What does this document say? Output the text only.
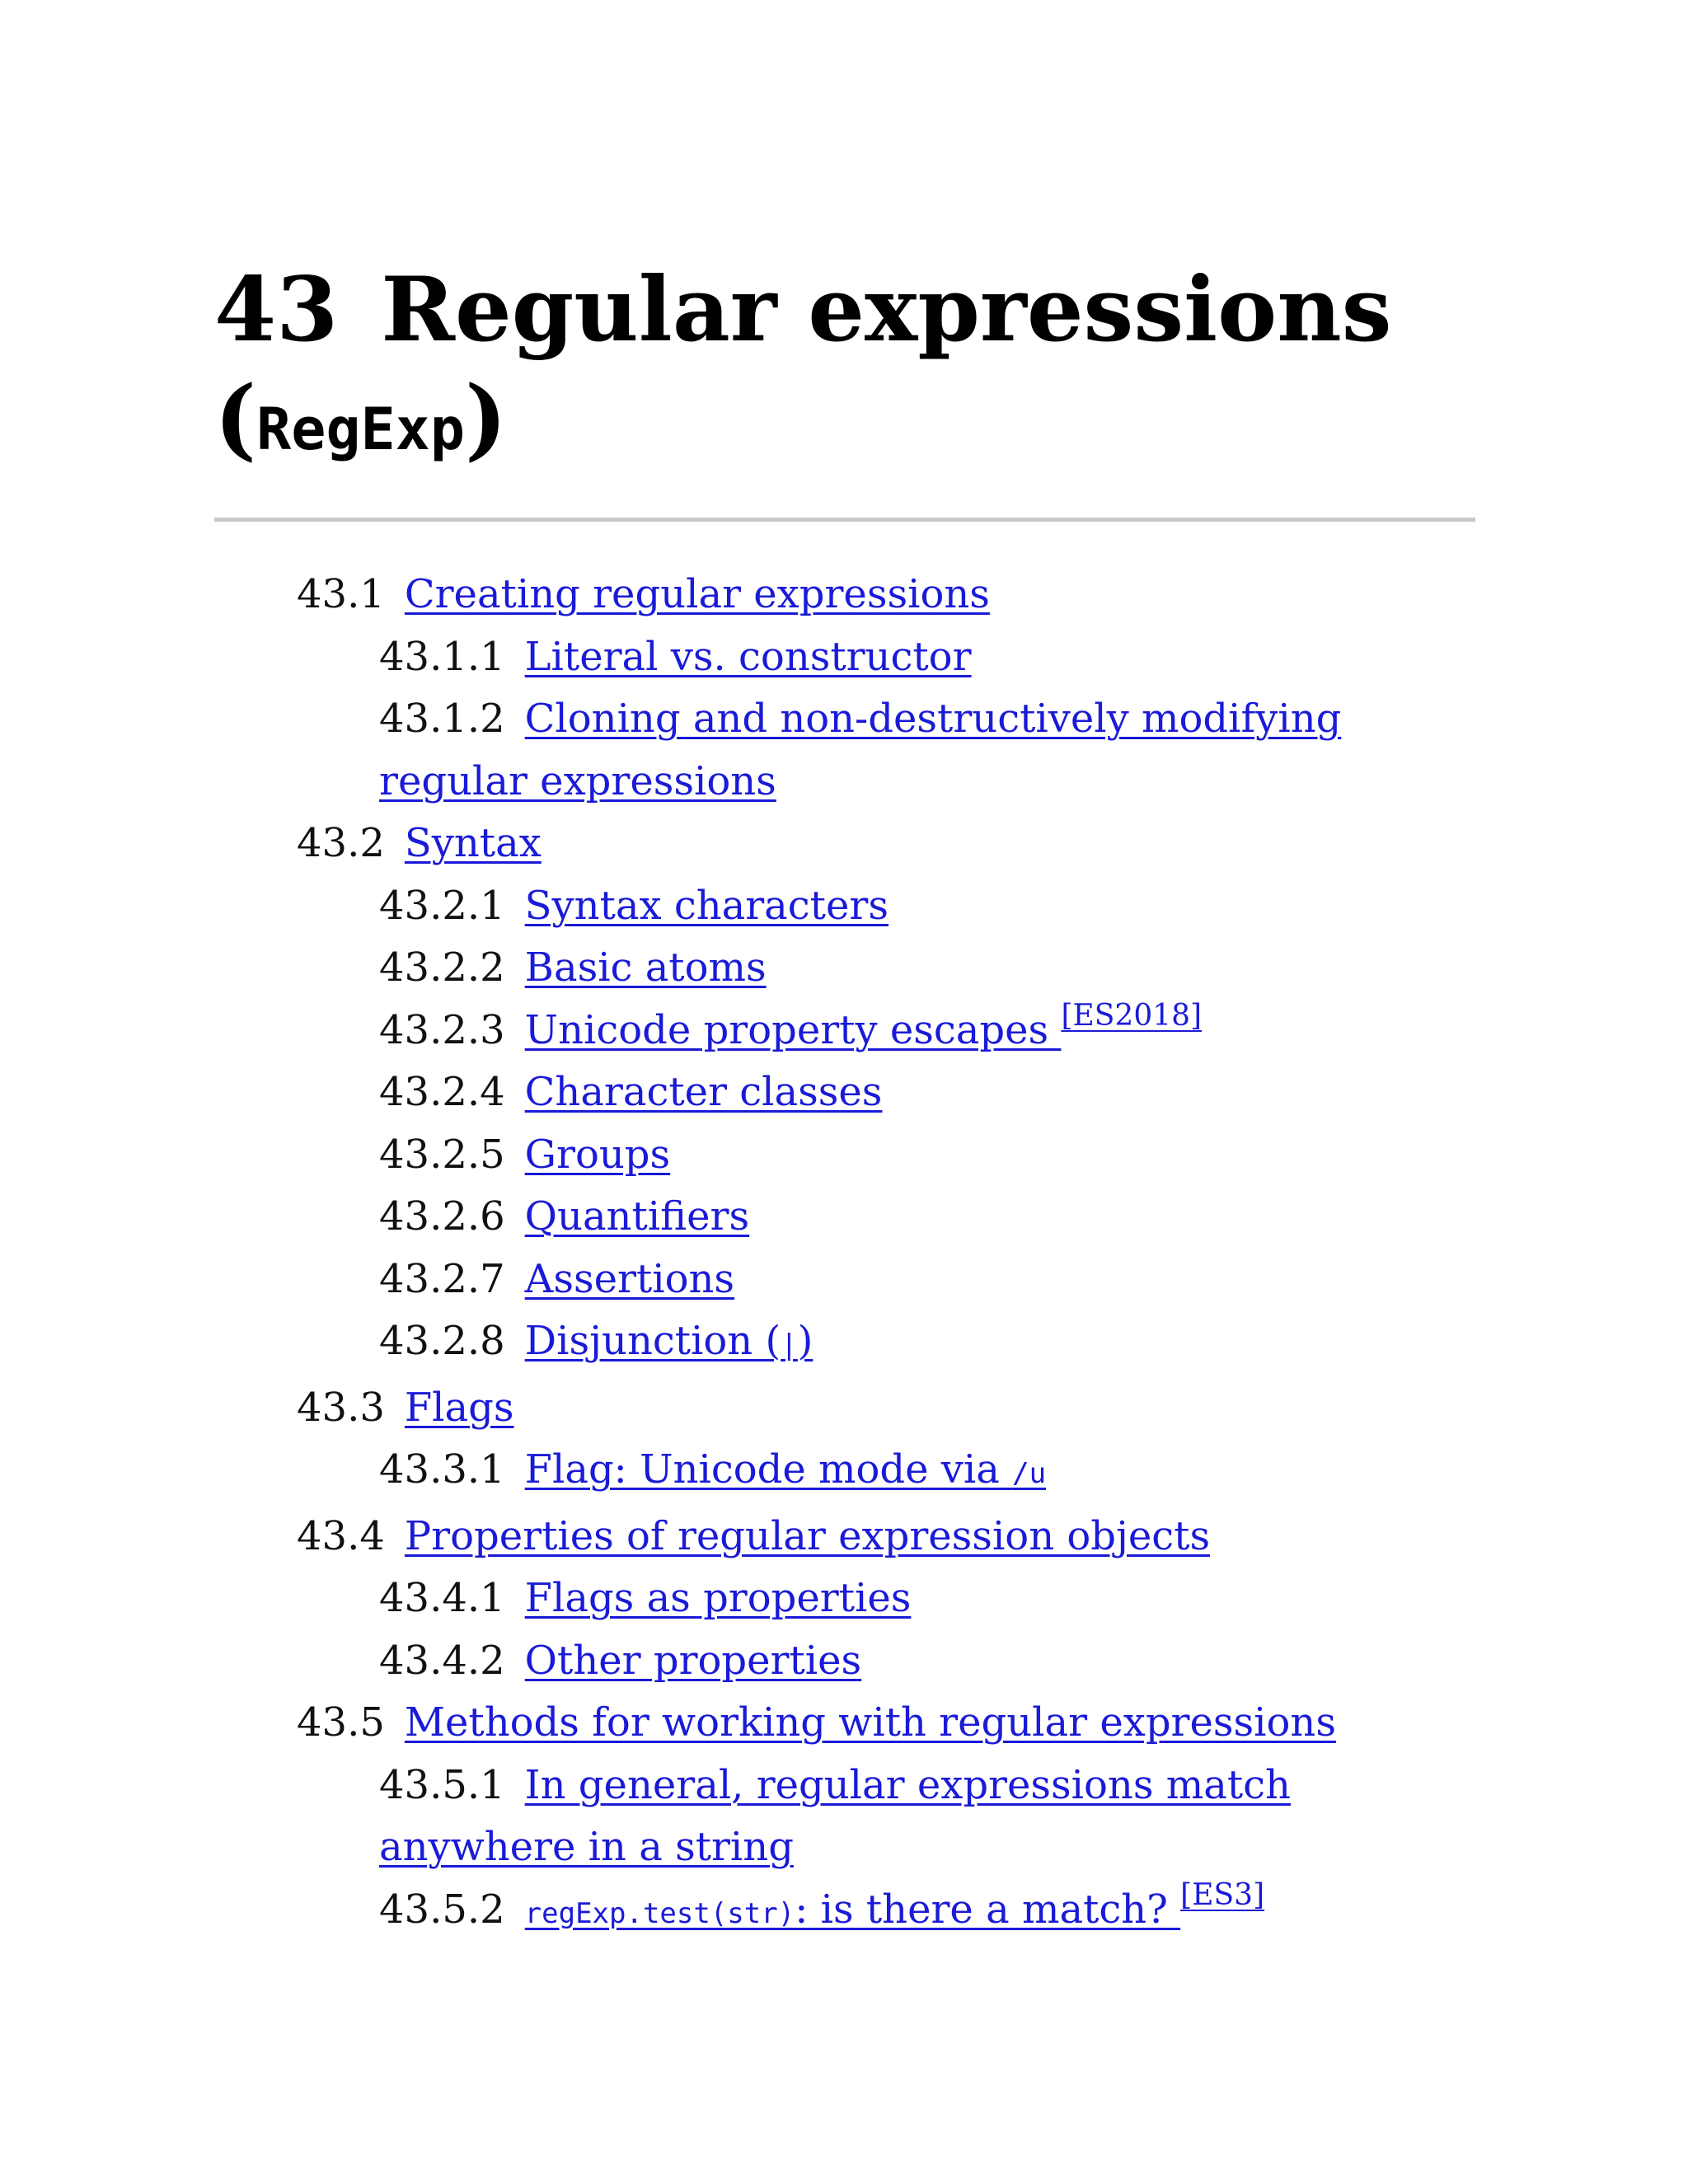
43 Regular expressions
(RegExp)
43.1 Creating regular expressions
43.1.1 Literal vs. constructor
43.1.2 Cloning and non-destructively modifying regular expressions
43.2 Syntax
43.2.1 Syntax characters
43.2.2 Basic atoms
43.2.3 Unicode property escapes [ES2018]
43.2.4 Character classes
43.2.5 Groups
43.2.6 Quantifiers
43.2.7 Assertions
43.2.8 Disjunction (|)
43.3 Flags
43.3.1 Flag: Unicode mode via /u
43.4 Properties of regular expression objects
43.4.1 Flags as properties
43.4.2 Other properties
43.5 Methods for working with regular expressions
43.5.1 In general, regular expressions match anywhere in a string
43.5.2 regExp.test(str): is there a match? [ES3]
